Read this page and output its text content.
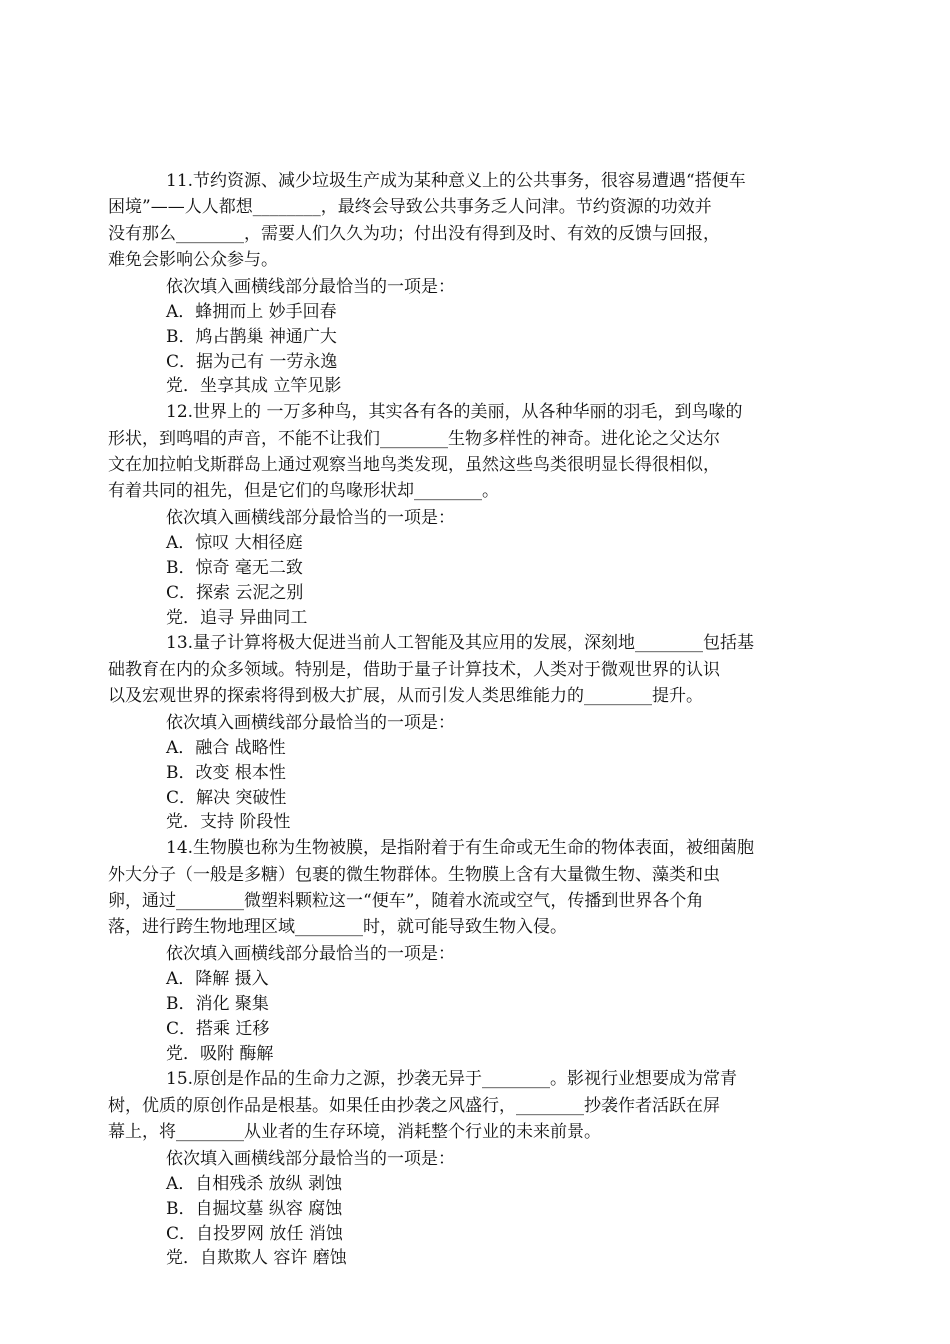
11.节约资源、减少垃圾生产成为某种意义上的公共事务，很容易遭遇“搭便车
困境”——人人都想________，最终会导致公共事务乏人问津。节约资源的功效并
没有那么________，需要人们久久为功；付出没有得到及时、有效的反馈与回报，
难免会影响公众参与。
依次填入画横线部分最恰当的一项是：
A．蜂拥而上 妙手回春
B．鸠占鹊巢 神通广大
C．据为己有 一劳永逸
党．坐享其成 立竿见影
12.世界上的 一万多种鸟，其实各有各的美丽，从各种华丽的羽毛，到鸟喙的
形状，到鸣唱的声音，不能不让我们________生物多样性的神奇。进化论之父达尔
文在加拉帕戈斯群岛上通过观察当地鸟类发现，虽然这些鸟类很明显长得很相似，
有着共同的祖先，但是它们的鸟喙形状却________。
依次填入画横线部分最恰当的一项是：
A．惊叹 大相径庭
B．惊奇 毫无二致
C．探索 云泥之别
党．追寻 异曲同工
13.量子计算将极大促进当前人工智能及其应用的发展，深刻地________包括基
础教育在内的众多领域。特别是，借助于量子计算技术，人类对于微观世界的认识
以及宏观世界的探索将得到极大扩展，从而引发人类思维能力的________提升。
依次填入画横线部分最恰当的一项是：
A．融合 战略性
B．改变 根本性
C．解决 突破性
党．支持 阶段性
14.生物膜也称为生物被膜，是指附着于有生命或无生命的物体表面，被细菌胞
外大分子（一般是多糖）包裹的微生物群体。生物膜上含有大量微生物、藻类和虫
卵，通过________微塑料颗粒这一“便车”，随着水流或空气，传播到世界各个角
落，进行跨生物地理区域________时，就可能导致生物入侵。
依次填入画横线部分最恰当的一项是：
A．降解 摄入
B．消化 聚集
C．搭乘 迁移
党．吸附 酶解
15.原创是作品的生命力之源，抄袭无异于________。影视行业想要成为常青
树，优质的原创作品是根基。如果任由抄袭之风盛行，________抄袭作者活跃在屏
幕上，将________从业者的生存环境，消耗整个行业的未来前景。
依次填入画横线部分最恰当的一项是：
A．自相残杀 放纵 剥蚀
B．自掘坟墓 纵容 腐蚀
C．自投罗网 放任 消蚀
党．自欺欺人 容许 磨蚀
